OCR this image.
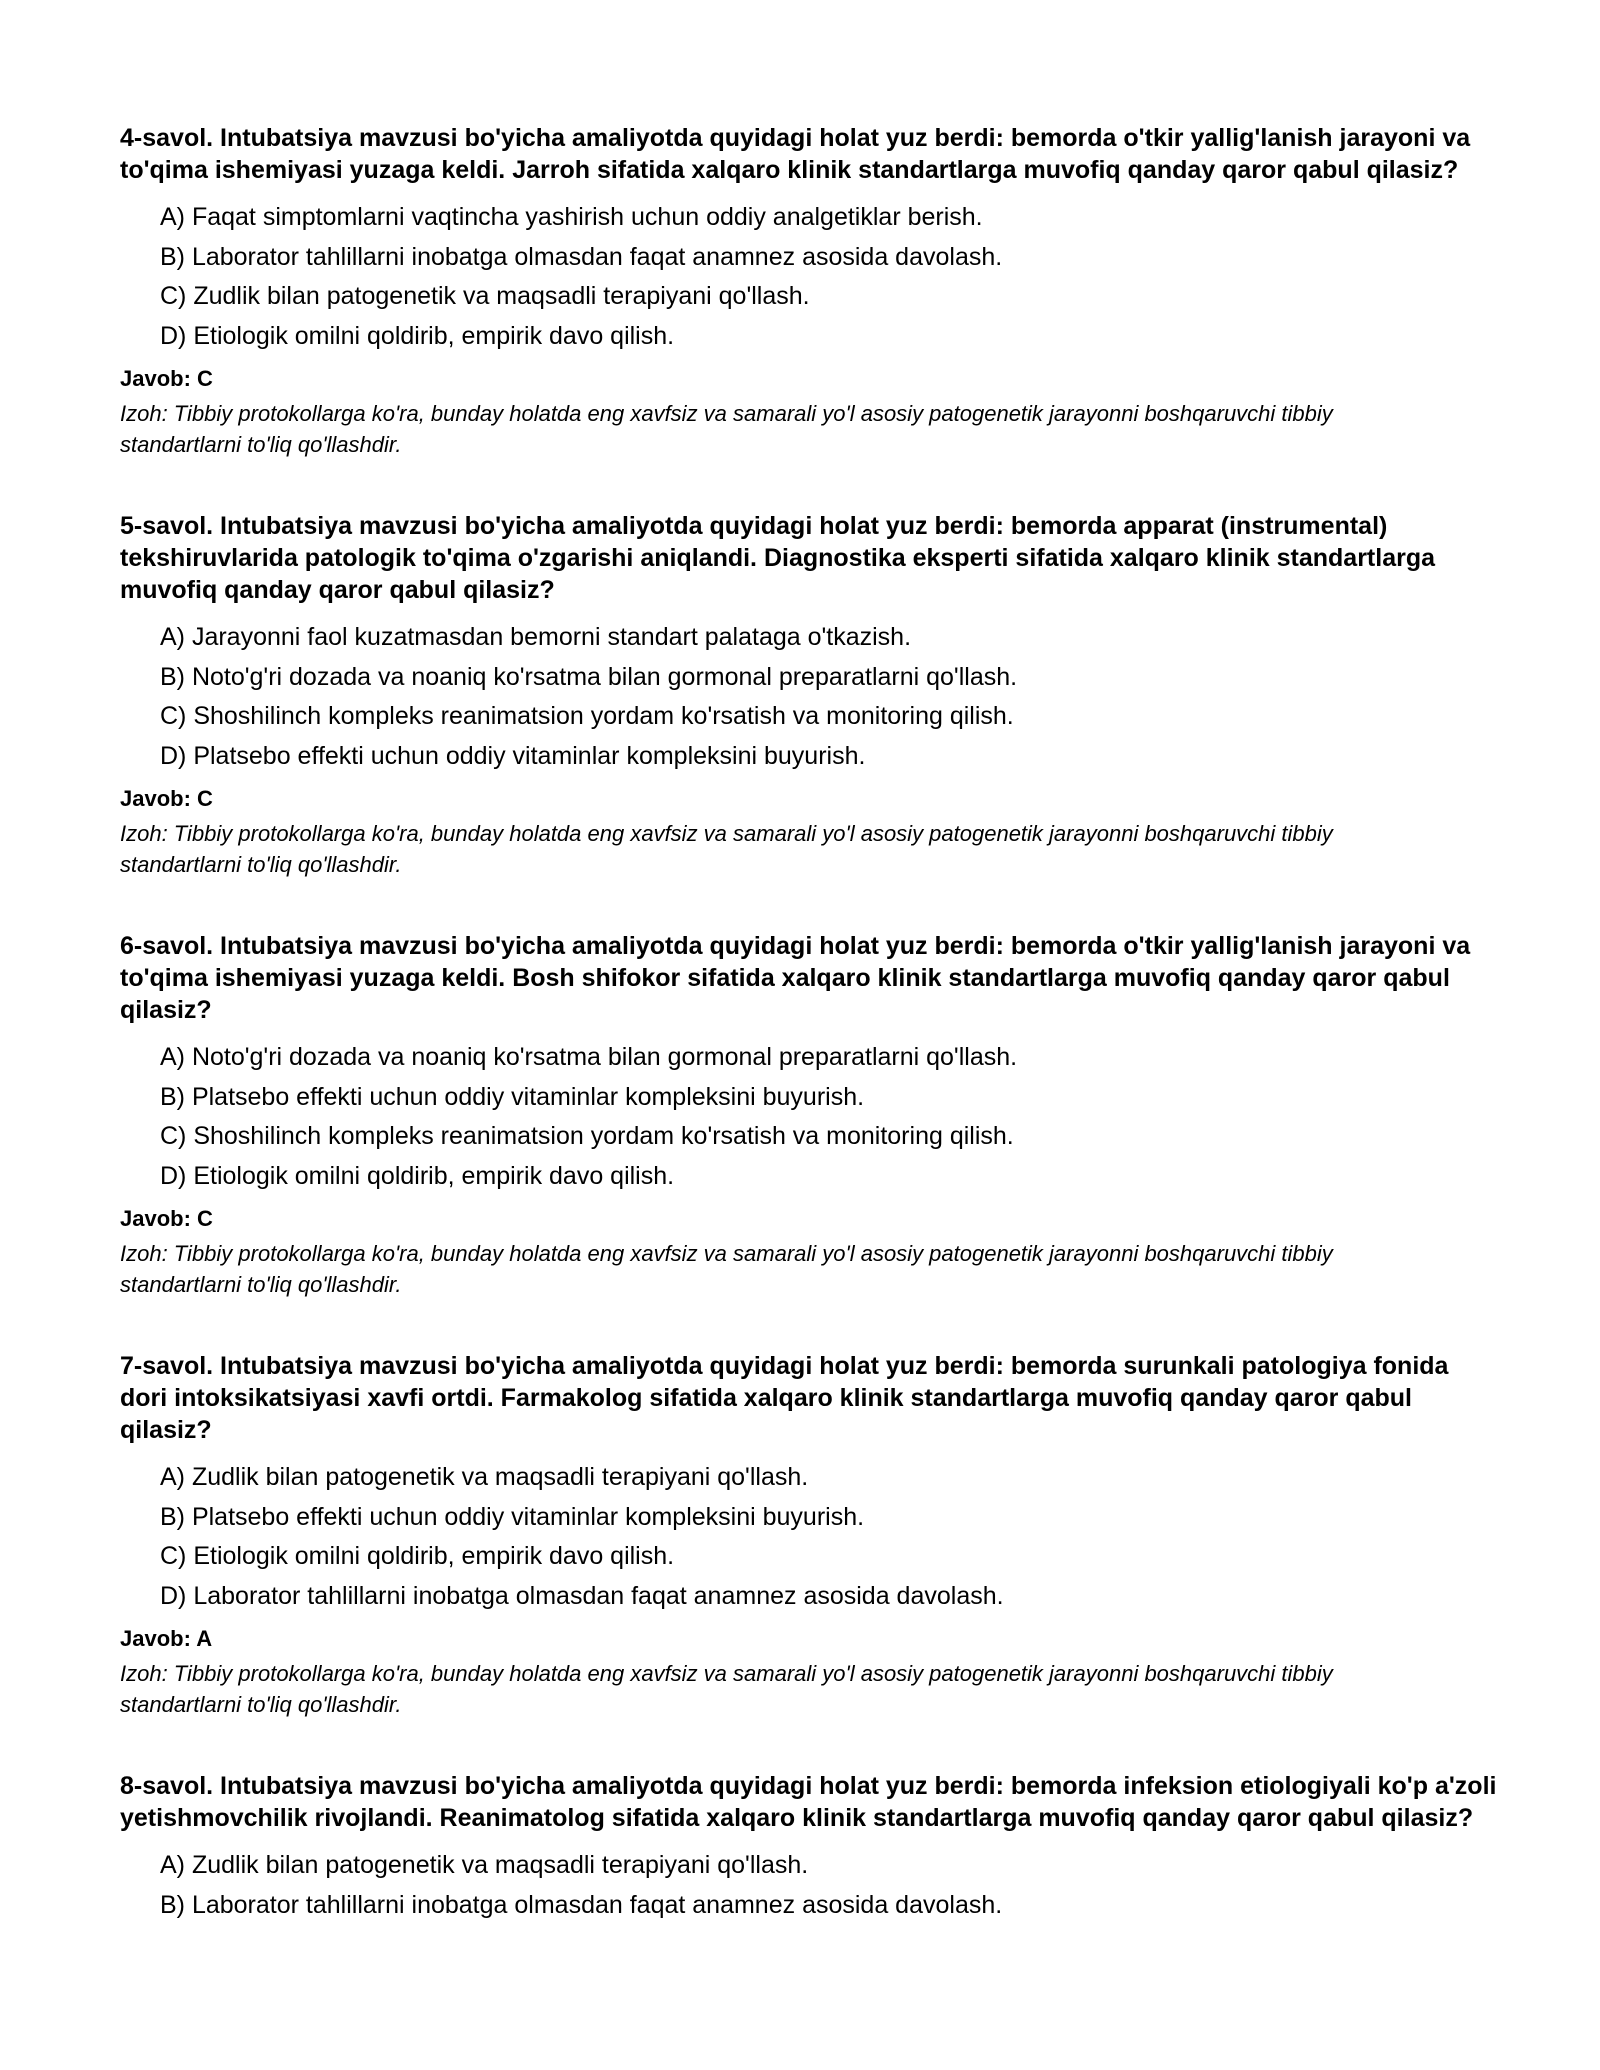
4-savol. Intubatsiya mavzusi bo'yicha amaliyotda quyidagi holat yuz berdi: bemorda o'tkir yallig'lanish jarayoni va to'qima ishemiyasi yuzaga keldi. Jarroh sifatida xalqaro klinik standartlarga muvofiq qanday qaror qabul qilasiz?
A) Faqat simptomlarni vaqtincha yashirish uchun oddiy analgetiklar berish.
B) Laborator tahlillarni inobatga olmasdan faqat anamnez asosida davolash.
C) Zudlik bilan patogenetik va maqsadli terapiyani qo'llash.
D) Etiologik omilni qoldirib, empirik davo qilish.
Javob: C
Izoh: Tibbiy protokollarga ko'ra, bunday holatda eng xavfsiz va samarali yo'l asosiy patogenetik jarayonni boshqaruvchi tibbiy standartlarni to'liq qo'llashdir.
5-savol. Intubatsiya mavzusi bo'yicha amaliyotda quyidagi holat yuz berdi: bemorda apparat (instrumental) tekshiruvlarida patologik to'qima o'zgarishi aniqlandi. Diagnostika eksperti sifatida xalqaro klinik standartlarga muvofiq qanday qaror qabul qilasiz?
A) Jarayonni faol kuzatmasdan bemorni standart palataga o'tkazish.
B) Noto'g'ri dozada va noaniq ko'rsatma bilan gormonal preparatlarni qo'llash.
C) Shoshilinch kompleks reanimatsion yordam ko'rsatish va monitoring qilish.
D) Platsebo effekti uchun oddiy vitaminlar kompleksini buyurish.
Javob: C
Izoh: Tibbiy protokollarga ko'ra, bunday holatda eng xavfsiz va samarali yo'l asosiy patogenetik jarayonni boshqaruvchi tibbiy standartlarni to'liq qo'llashdir.
6-savol. Intubatsiya mavzusi bo'yicha amaliyotda quyidagi holat yuz berdi: bemorda o'tkir yallig'lanish jarayoni va to'qima ishemiyasi yuzaga keldi. Bosh shifokor sifatida xalqaro klinik standartlarga muvofiq qanday qaror qabul qilasiz?
A) Noto'g'ri dozada va noaniq ko'rsatma bilan gormonal preparatlarni qo'llash.
B) Platsebo effekti uchun oddiy vitaminlar kompleksini buyurish.
C) Shoshilinch kompleks reanimatsion yordam ko'rsatish va monitoring qilish.
D) Etiologik omilni qoldirib, empirik davo qilish.
Javob: C
Izoh: Tibbiy protokollarga ko'ra, bunday holatda eng xavfsiz va samarali yo'l asosiy patogenetik jarayonni boshqaruvchi tibbiy standartlarni to'liq qo'llashdir.
7-savol. Intubatsiya mavzusi bo'yicha amaliyotda quyidagi holat yuz berdi: bemorda surunkali patologiya fonida dori intoksikatsiyasi xavfi ortdi. Farmakolog sifatida xalqaro klinik standartlarga muvofiq qanday qaror qabul qilasiz?
A) Zudlik bilan patogenetik va maqsadli terapiyani qo'llash.
B) Platsebo effekti uchun oddiy vitaminlar kompleksini buyurish.
C) Etiologik omilni qoldirib, empirik davo qilish.
D) Laborator tahlillarni inobatga olmasdan faqat anamnez asosida davolash.
Javob: A
Izoh: Tibbiy protokollarga ko'ra, bunday holatda eng xavfsiz va samarali yo'l asosiy patogenetik jarayonni boshqaruvchi tibbiy standartlarni to'liq qo'llashdir.
8-savol. Intubatsiya mavzusi bo'yicha amaliyotda quyidagi holat yuz berdi: bemorda infeksion etiologiyali ko'p a'zoli yetishmovchilik rivojlandi. Reanimatolog sifatida xalqaro klinik standartlarga muvofiq qanday qaror qabul qilasiz?
A) Zudlik bilan patogenetik va maqsadli terapiyani qo'llash.
B) Laborator tahlillarni inobatga olmasdan faqat anamnez asosida davolash.
